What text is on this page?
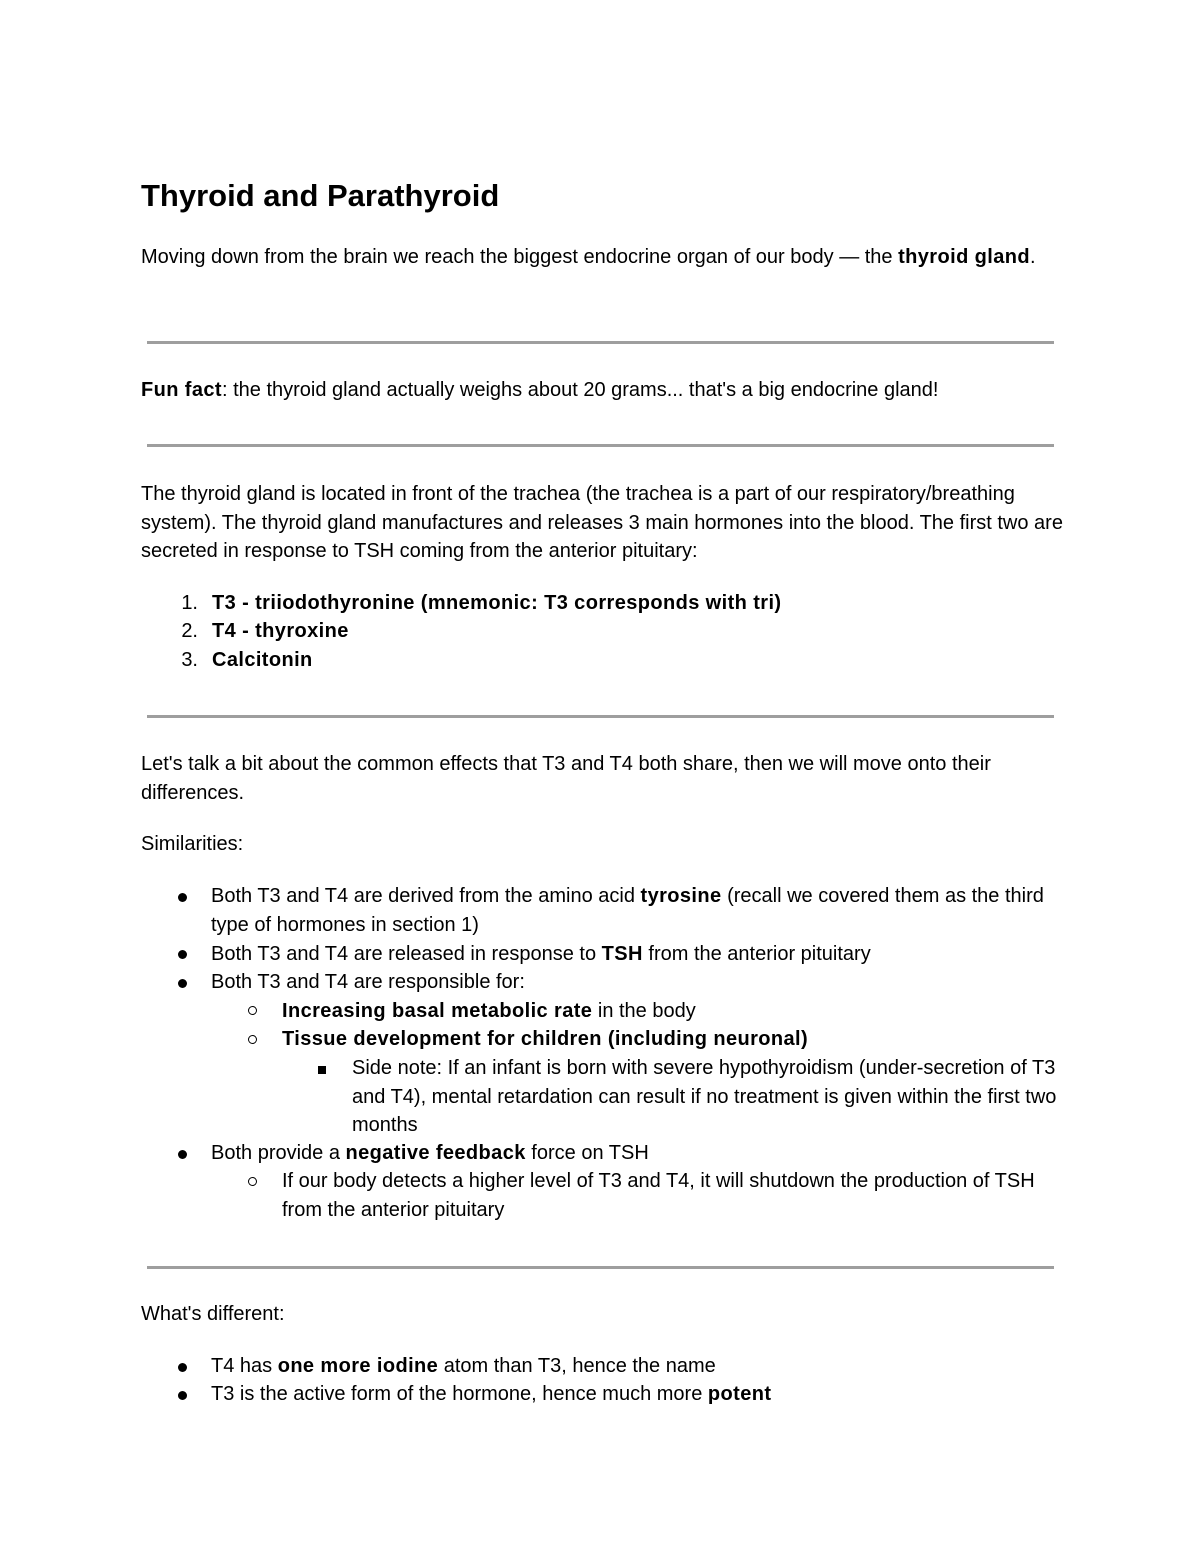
Thyroid and Parathyroid
Moving down from the brain we reach the biggest endocrine organ of our body — the thyroid gland.
Fun fact: the thyroid gland actually weighs about 20 grams... that's a big endocrine gland!
The thyroid gland is located in front of the trachea (the trachea is a part of our respiratory/breathing system). The thyroid gland manufactures and releases 3 main hormones into the blood. The first two are secreted in response to TSH coming from the anterior pituitary:
1. T3 - triiodothyronine (mnemonic: T3 corresponds with tri)
2. T4 - thyroxine
3. Calcitonin
Let's talk a bit about the common effects that T3 and T4 both share, then we will move onto their differences.
Similarities:
Both T3 and T4 are derived from the amino acid tyrosine (recall we covered them as the third type of hormones in section 1)
Both T3 and T4 are released in response to TSH from the anterior pituitary
Both T3 and T4 are responsible for:
Increasing basal metabolic rate in the body
Tissue development for children (including neuronal)
Side note: If an infant is born with severe hypothyroidism (under-secretion of T3 and T4), mental retardation can result if no treatment is given within the first two months
Both provide a negative feedback force on TSH
If our body detects a higher level of T3 and T4, it will shutdown the production of TSH from the anterior pituitary
What's different:
T4 has one more iodine atom than T3, hence the name
T3 is the active form of the hormone, hence much more potent
